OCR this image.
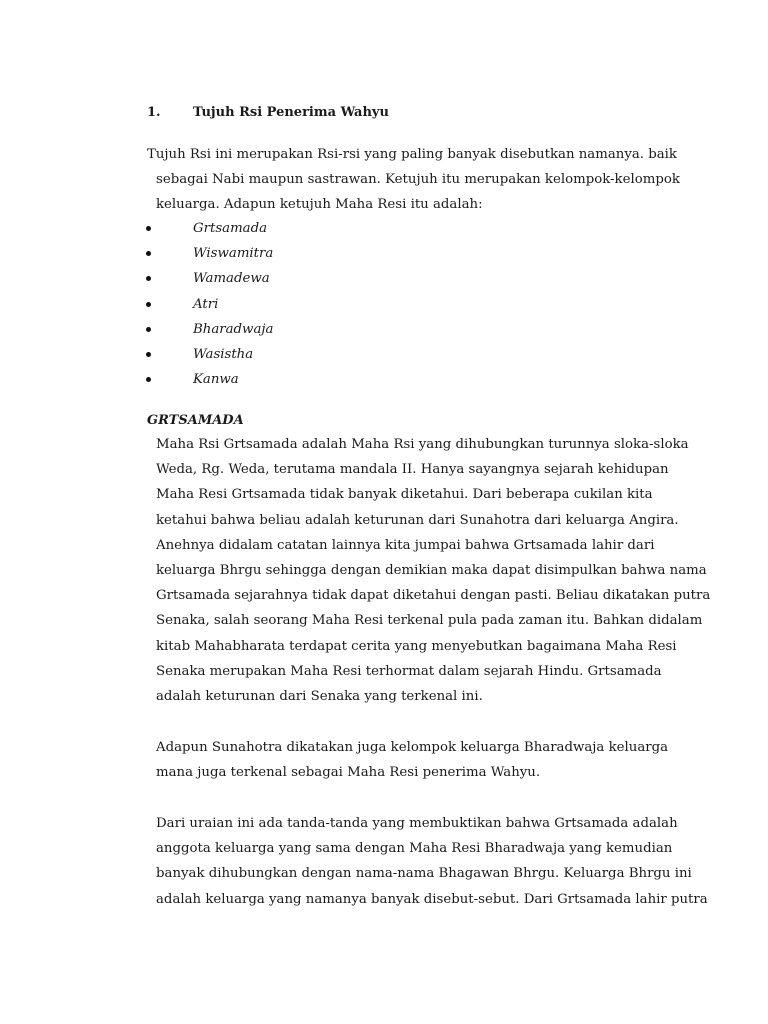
1. Tujuh Rsi Penerima Wahyu
Tujuh Rsi ini merupakan Rsi-rsi yang paling banyak disebutkan namanya. baik
sebagai Nabi maupun sastrawan. Ketujuh itu merupakan kelompok-kelompok
keluarga. Adapun ketujuh Maha Resi itu adalah:
Grtsamada
Wiswamitra
Wamadewa
Atri
Bharadwaja
Wasistha
Kanwa
GRTSAMADA
Maha Rsi Grtsamada adalah Maha Rsi yang dihubungkan turunnya sloka-sloka
Weda, Rg. Weda, terutama mandala II. Hanya sayangnya sejarah kehidupan
Maha Resi Grtsamada tidak banyak diketahui. Dari beberapa cukilan kita
ketahui bahwa beliau adalah keturunan dari Sunahotra dari keluarga Angira.
Anehnya didalam catatan lainnya kita jumpai bahwa Grtsamada lahir dari
keluarga Bhrgu sehingga dengan demikian maka dapat disimpulkan bahwa nama
Grtsamada sejarahnya tidak dapat diketahui dengan pasti. Beliau dikatakan putra
Senaka, salah seorang Maha Resi terkenal pula pada zaman itu. Bahkan didalam
kitab Mahabharata terdapat cerita yang menyebutkan bagaimana Maha Resi
Senaka merupakan Maha Resi terhormat dalam sejarah Hindu. Grtsamada
adalah keturunan dari Senaka yang terkenal ini.
Adapun Sunahotra dikatakan juga kelompok keluarga Bharadwaja keluarga
mana juga terkenal sebagai Maha Resi penerima Wahyu.
Dari uraian ini ada tanda-tanda yang membuktikan bahwa Grtsamada adalah
anggota keluarga yang sama dengan Maha Resi Bharadwaja yang kemudian
banyak dihubungkan dengan nama-nama Bhagawan Bhrgu. Keluarga Bhrgu ini
adalah keluarga yang namanya banyak disebut-sebut. Dari Grtsamada lahir putra
